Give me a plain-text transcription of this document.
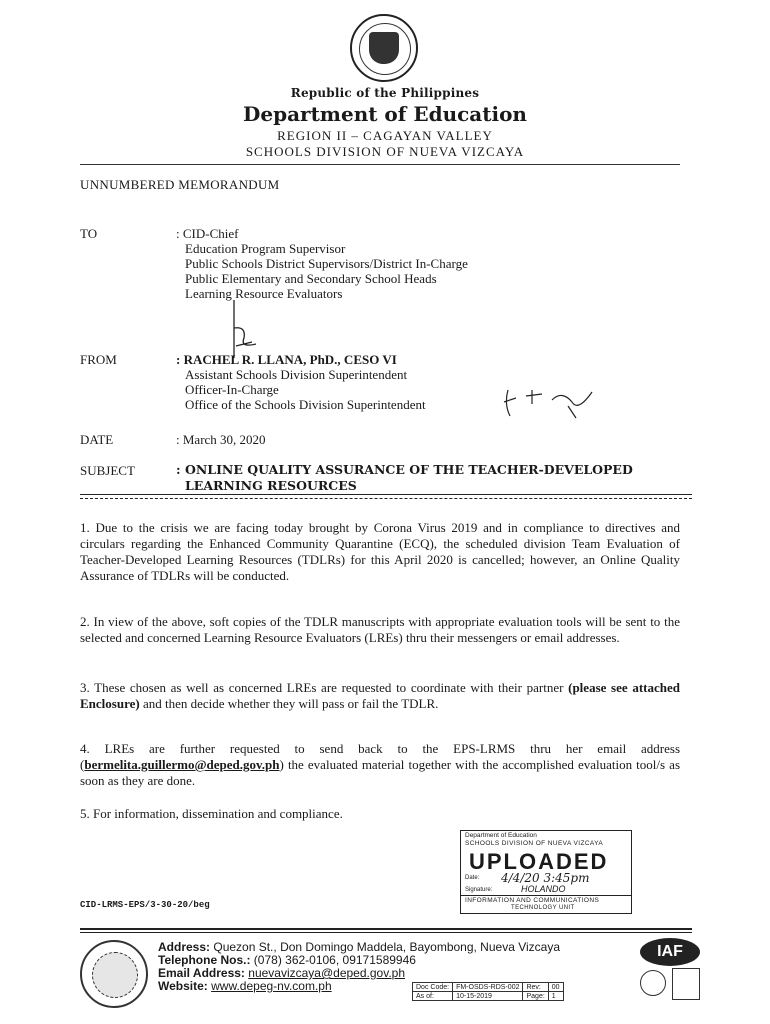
Republic of the Philippines
Department of Education
REGION II – CAGAYAN VALLEY
SCHOOLS DIVISION OF NUEVA VIZCAYA
UNNUMBERED MEMORANDUM
TO	: CID-Chief
Education Program Supervisor
Public Schools District Supervisors/District In-Charge
Public Elementary and Secondary School Heads
Learning Resource Evaluators
FROM	: RACHEL R. LLANA, PhD., CESO VI
Assistant Schools Division Superintendent
Officer-In-Charge
Office of the Schools Division Superintendent
DATE	: March 30, 2020
SUBJECT	: ONLINE QUALITY ASSURANCE OF THE TEACHER-DEVELOPED
LEARNING RESOURCES
1. Due to the crisis we are facing today brought by Corona Virus 2019 and in compliance to directives and circulars regarding the Enhanced Community Quarantine (ECQ), the scheduled division Team Evaluation of Teacher-Developed Learning Resources (TDLRs) for this April 2020 is cancelled; however, an Online Quality Assurance of TDLRs will be conducted.
2. In view of the above, soft copies of the TDLR manuscripts with appropriate evaluation tools will be sent to the selected and concerned Learning Resource Evaluators (LREs) thru their messengers or email addresses.
3. These chosen as well as concerned LREs are requested to coordinate with their partner (please see attached Enclosure) and then decide whether they will pass or fail the TDLR.
4. LREs are further requested to send back to the EPS-LRMS thru her email address (bermelita.guillermo@deped.gov.ph) the evaluated material together with the accomplished evaluation tool/s as soon as they are done.
5. For information, dissemination and compliance.
Department of Education
SCHOOLS DIVISION OF NUEVA VIZCAYA
UPLOADED
Date: 4/4/20 3:45pm
Signature:	HOLANDO
INFORMATION AND COMMUNICATIONS
TECHNOLOGY UNIT
CID-LRMS-EPS/3-30-20/beg
Address: Quezon St., Don Domingo Maddela, Bayombong, Nueva Vizcaya
Telephone Nos.: (078) 362-0106, 09171589946
Email Address: nuevavizcaya@deped.gov.ph
Website: www.depeg-nv.com.ph	Doc Code:	FM-OSDS-RDS-002	Rev:	00
As of:	10-15-2019	Page:	1
IAF
